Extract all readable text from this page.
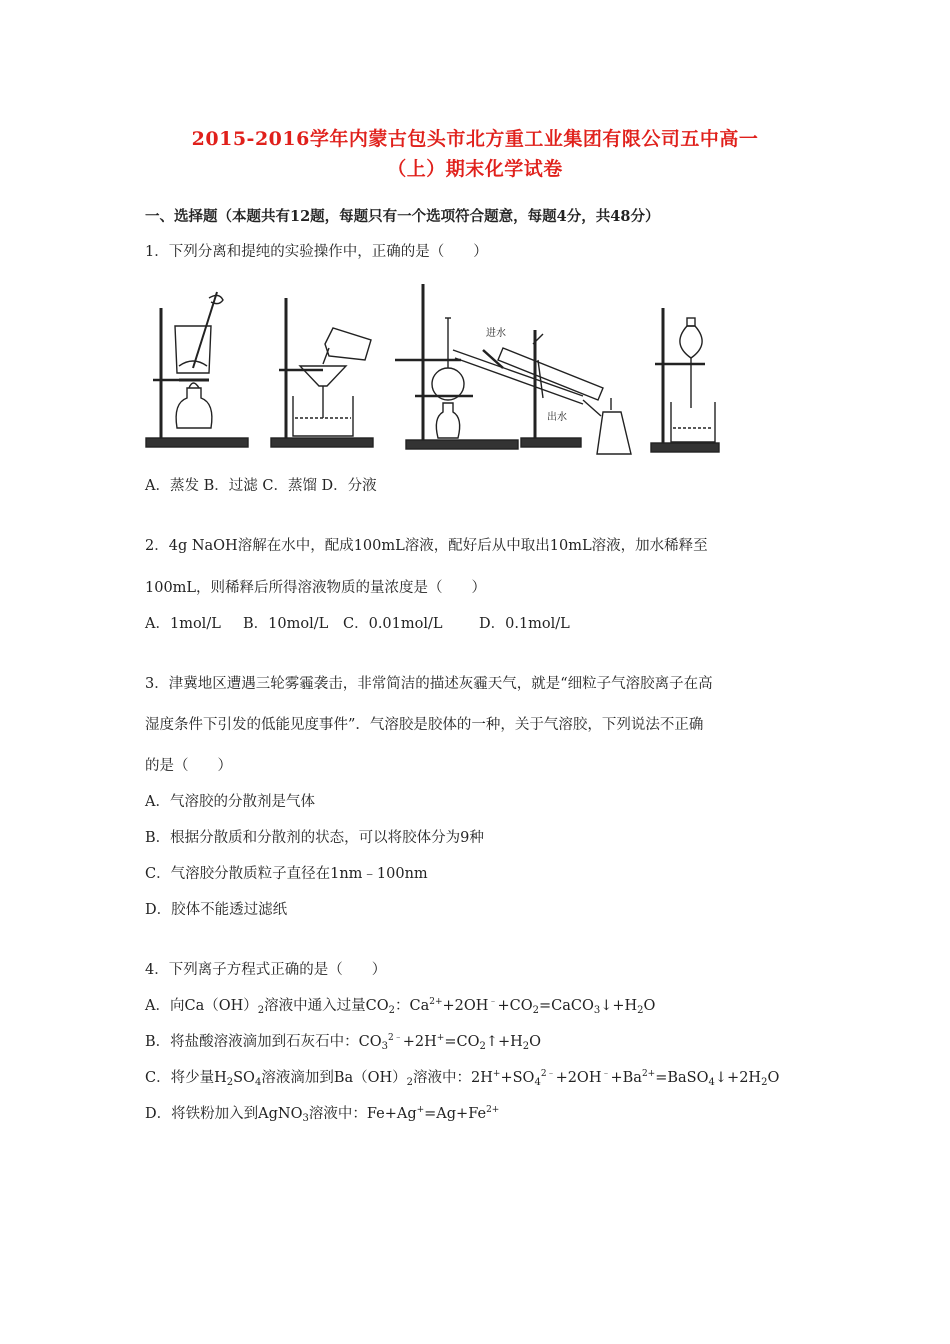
2015-2016学年内蒙古包头市北方重工业集团有限公司五中高一
（上）期末化学试卷
一、选择题（本题共有12题，每题只有一个选项符合题意，每题4分，共48分）
1．下列分离和提纯的实验操作中，正确的是（　　）
进水
出水
A．蒸发 B．过滤 C．蒸馏 D．分液
2．4g NaOH溶解在水中，配成100mL溶液，配好后从中取出10mL溶液，加水稀释至
100mL，则稀释后所得溶液物质的量浓度是（　　）
A．1mol/L B．10mol/L C．0.01mol/L	D．0.1mol/L
3．津冀地区遭遇三轮雾霾袭击，非常简洁的描述灰霾天气，就是“细粒子气溶胶离子在高
湿度条件下引发的低能见度事件”．气溶胶是胶体的一种，关于气溶胶，下列说法不正确
的是（　　）
A．气溶胶的分散剂是气体
B．根据分散质和分散剂的状态，可以将胶体分为9种
C．气溶胶分散质粒子直径在1nm﹣100nm
D．胶体不能透过滤纸
4．下列离子方程式正确的是（　　）
A．向$Ca(OH)_2$溶液中通入过量$CO_2$：$Ca^{2+}+2OH^﹣+CO_2=CaCO_3↓+H_2O$
B．将盐酸溶液滴加到石灰石中：$CO_3^{2﹣}+2H^+=CO_2↑+H_2O$
C．将少量$H_2SO_4$溶液滴加到$Ba(OH)_2$溶液中：$2H^++SO_4^{2﹣}+2OH^﹣+Ba^{2+}=BaSO_4↓+2H_2O$
D．将铁粉加入到AgNO$_3$溶液中：$Fe+Ag^+=Ag+Fe^{2+}$
